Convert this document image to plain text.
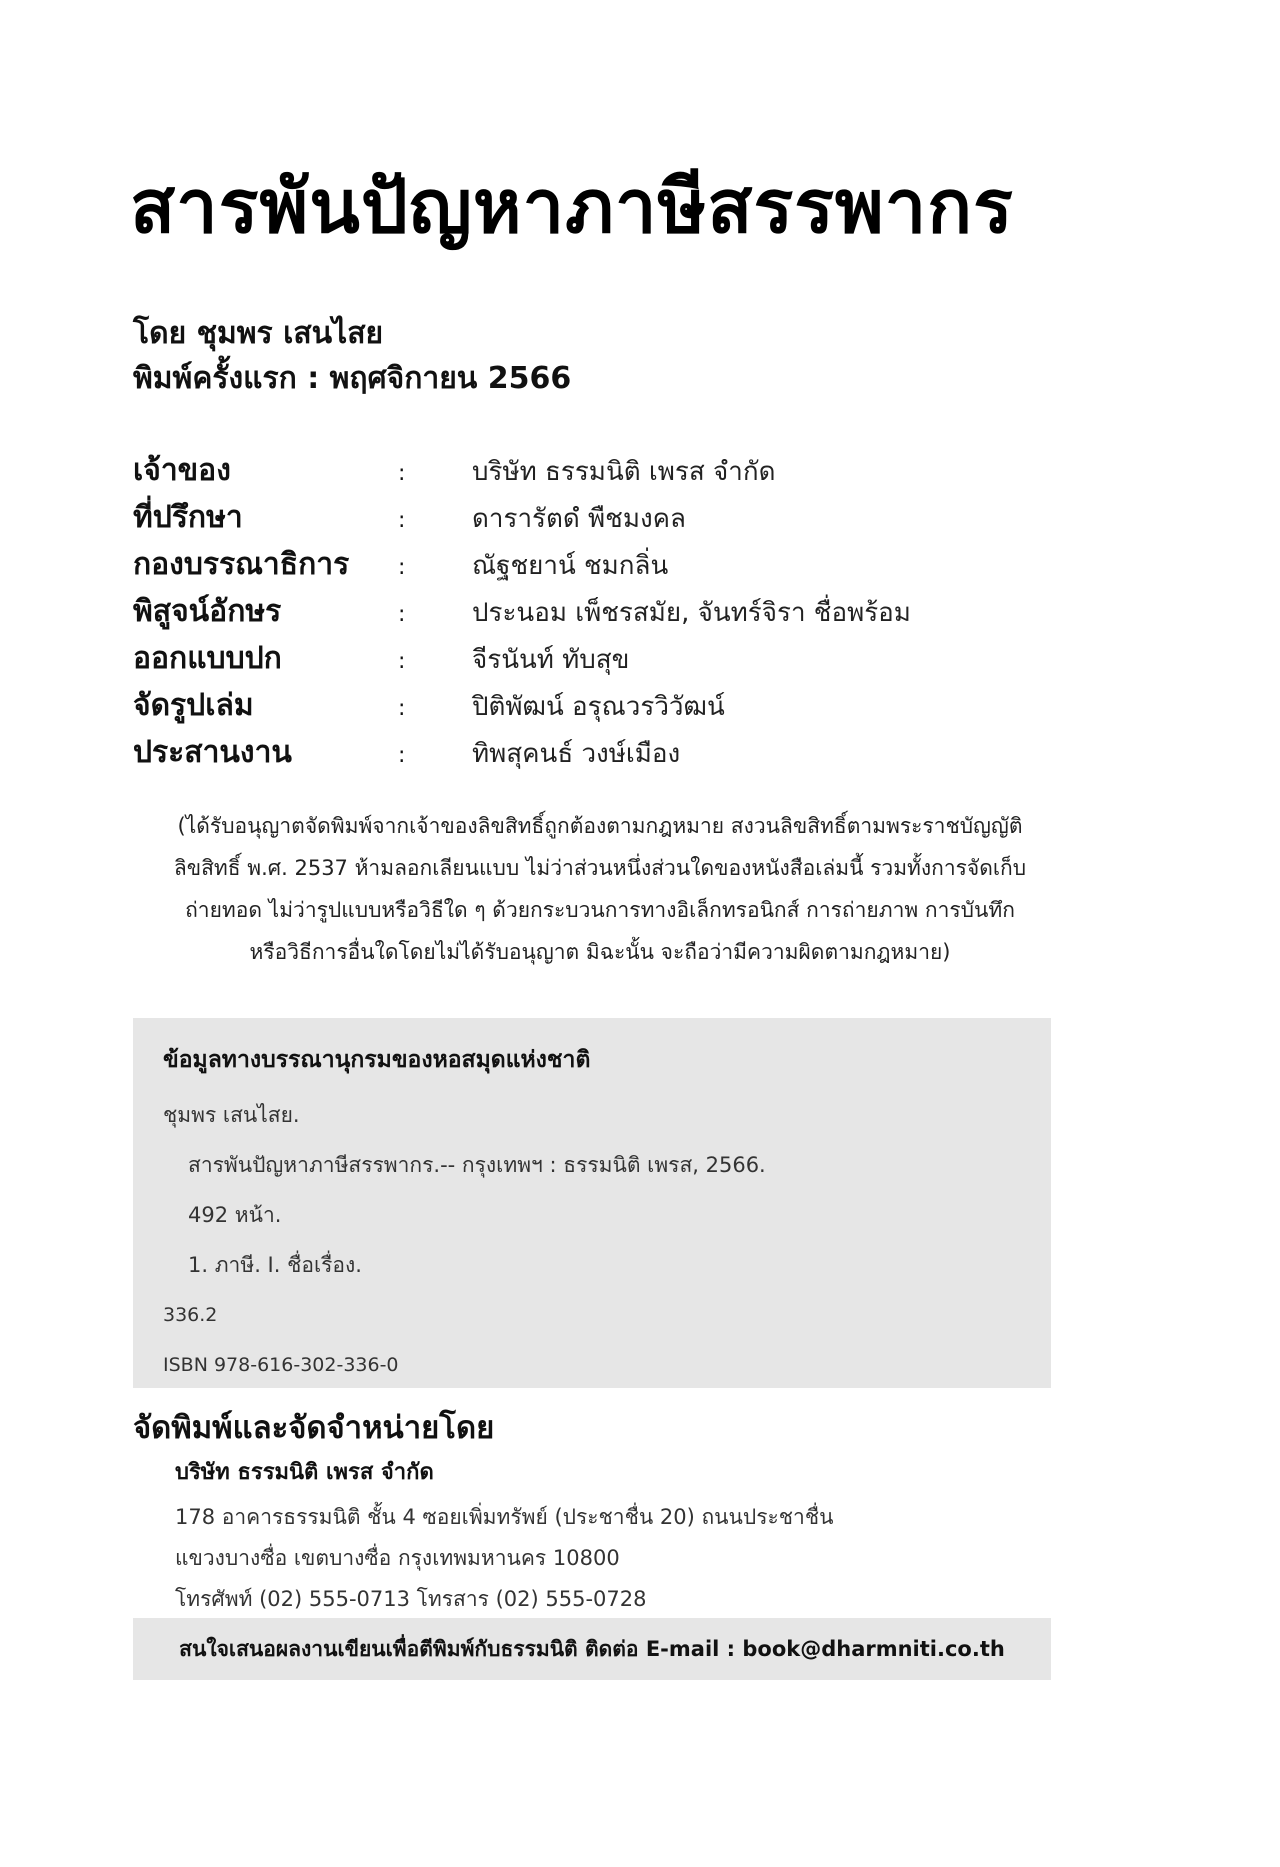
สารพันปัญหาภาษีสรรพากร

โดย ชุมพร เสนไสย

พิมพ์ครั้งแรก : พฤศจิกายน 2566

เจ้าของ	:	บริษัท ธรรมนิติ เพรส จำกัด
ที่ปรึกษา	:	ดารารัตดํ พืชมงคล
กองบรรณาธิการ	:	ณัฐชยาน์ ชมกลิ่น
พิสูจน์อักษร	:	ประนอม เพ็ชรสมัย, จันทร์จิรา ชื่อพร้อม
ออกแบบปก	:	จีรนันท์ ทับสุข
จัดรูปเล่ม	:	ปิติพัฒน์ อรุณวรวิวัฒน์
ประสานงาน	:	ทิพสุคนธ์ วงษ์เมือง
(ได้รับอนุญาตจัดพิมพ์จากเจ้าของลิขสิทธิ์ถูกต้องตามกฎหมาย สงวนลิขสิทธิ์ตามพระราชบัญญัติ
ลิขสิทธิ์ พ.ศ. 2537 ห้ามลอกเลียนแบบ ไม่ว่าส่วนหนึ่งส่วนใดของหนังสือเล่มนี้ รวมทั้งการจัดเก็บ
ถ่ายทอด ไม่ว่ารูปแบบหรือวิธีใด ๆ ด้วยกระบวนการทางอิเล็กทรอนิกส์ การถ่ายภาพ การบันทึก
หรือวิธีการอื่นใดโดยไม่ได้รับอนุญาต มิฉะนั้น จะถือว่ามีความผิดตามกฎหมาย)
ข้อมูลทางบรรณานุกรมของหอสมุดแห่งชาติ
ชุมพร เสนไสย.
สารพันปัญหาภาษีสรรพากร.-- กรุงเทพฯ : ธรรมนิติ เพรส, 2566.
492 หน้า.
1. ภาษี. I. ชื่อเรื่อง.
336.2
ISBN 978-616-302-336-0
จัดพิมพ์และจัดจำหน่ายโดย
บริษัท ธรรมนิติ เพรส จำกัด
178 อาคารธรรมนิติ ชั้น 4 ซอยเพิ่มทรัพย์ (ประชาชื่น 20) ถนนประชาชื่น
แขวงบางซื่อ เขตบางซื่อ กรุงเทพมหานคร 10800
โทรศัพท์ (02) 555-0713 โทรสาร (02) 555-0728
สนใจเสนอผลงานเขียนเพื่อตีพิมพ์กับธรรมนิติ ติดต่อ E-mail : book@dharmniti.co.th
